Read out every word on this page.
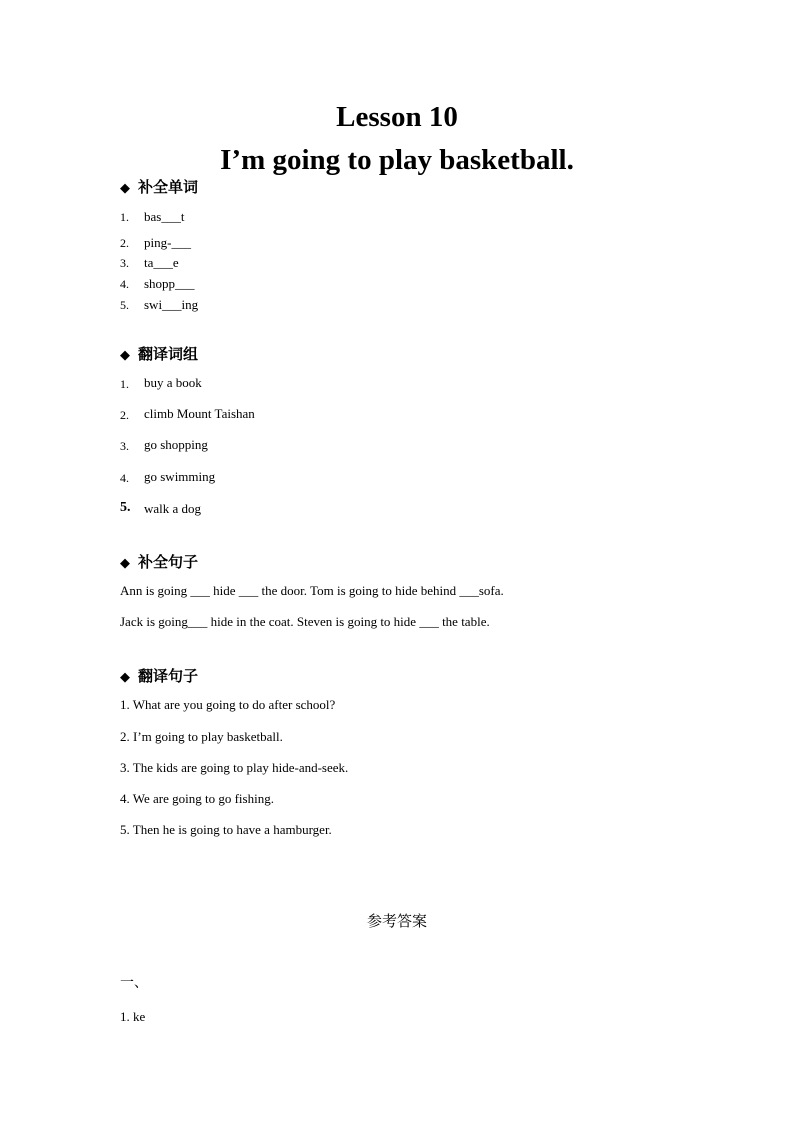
Lesson 10
I’m going to play basketball.
◆ 补全单词
1. bas___t
2. ping-___
3. ta___e
4. shopp___
5. swi___ing
◆ 翻译词组
1. buy a book
2. climb Mount Taishan
3. go shopping
4. go swimming
5. walk a dog
◆ 补全句子
Ann is going ___ hide ___ the door. Tom is going to hide behind ___sofa.
Jack is going___ hide in the coat. Steven is going to hide ___ the table.
◆ 翻译句子
1. What are you going to do after school?
2. I’m going to play basketball.
3. The kids are going to play hide-and-seek.
4. We are going to go fishing.
5. Then he is going to have a hamburger.
参考答案
一、
1. ke
